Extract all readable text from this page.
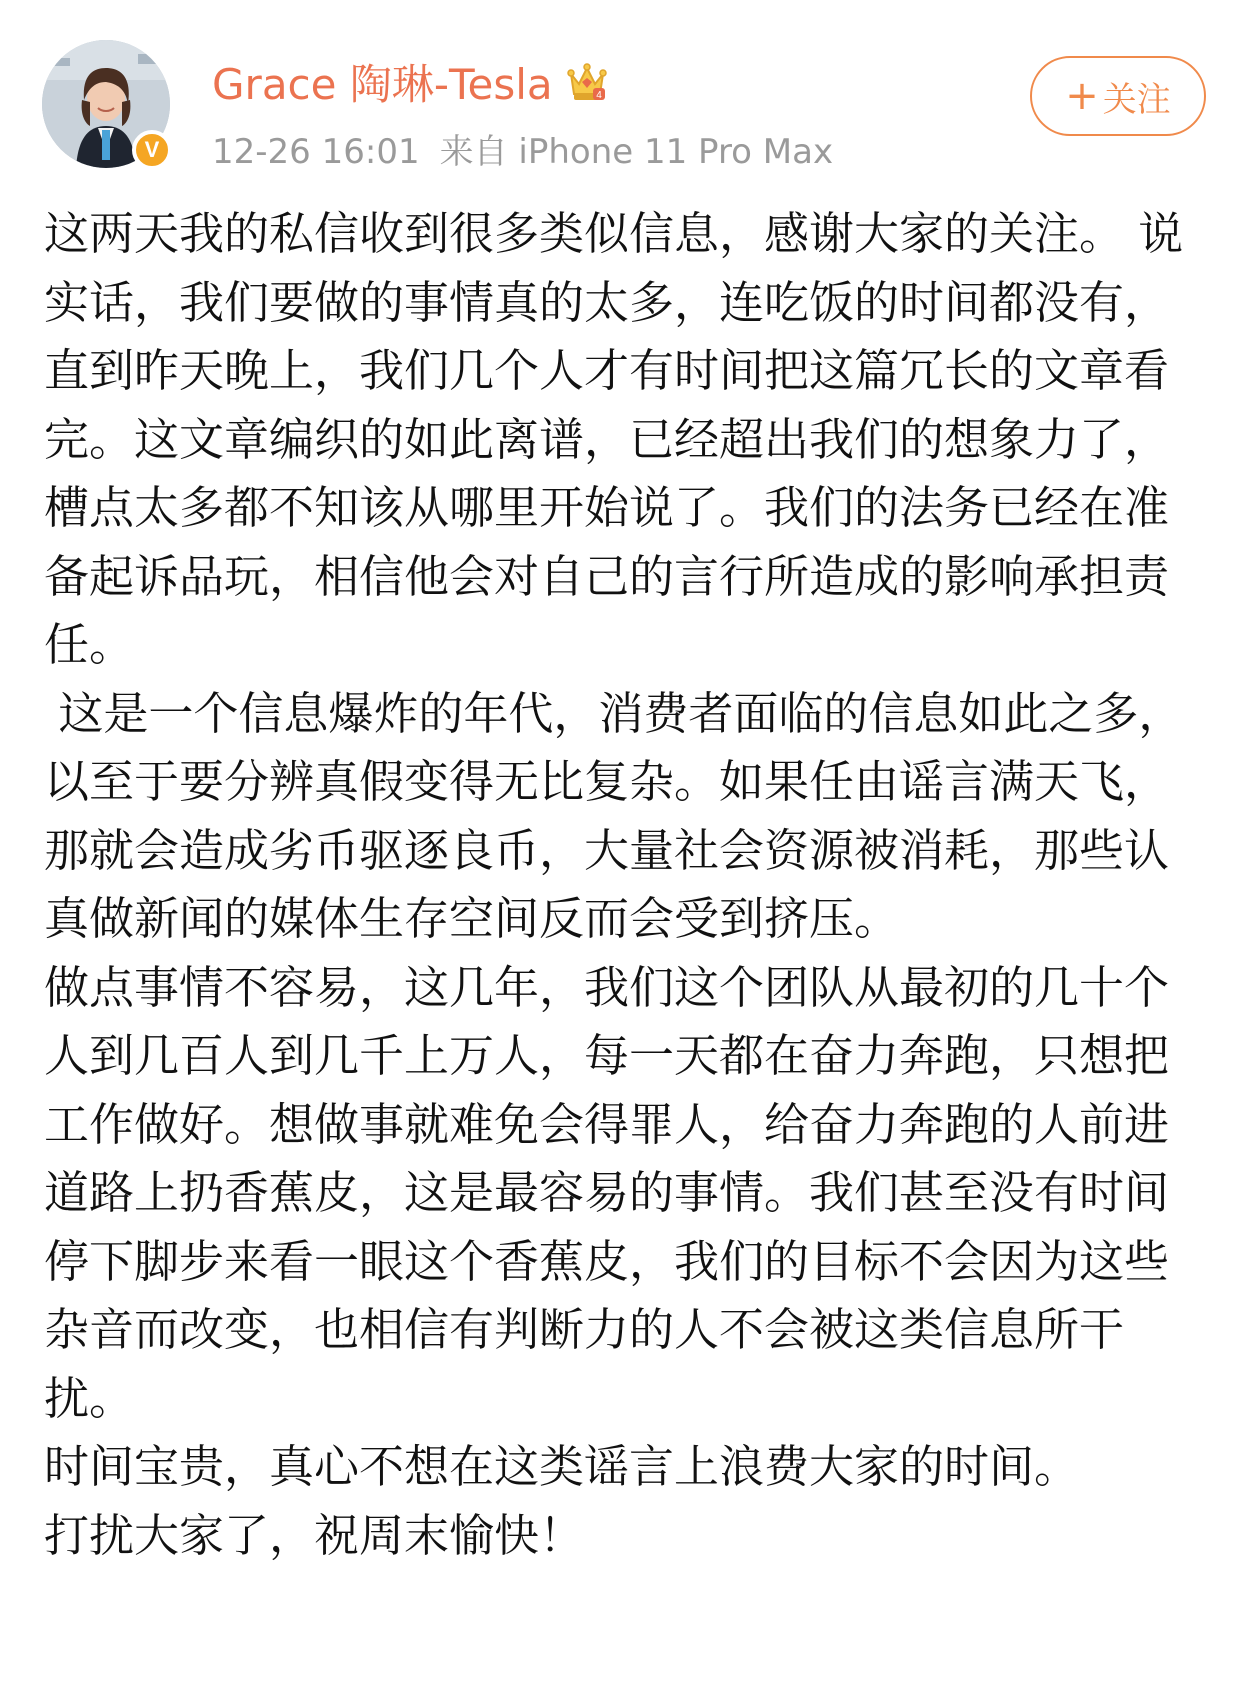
V
Grace 陶琳-Tesla	4
12-26 16:01 来自 iPhone 11 Pro Max
+ 关注

这两天我的私信收到很多类似信息，感谢大家的关注。 说实话，我们要做的事情真的太多，连吃饭的时间都没有，直到昨天晚上，我们几个人才有时间把这篇冗长的文章看完。这文章编织的如此离谱，已经超出我们的想象力了，槽点太多都不知该从哪里开始说了。我们的法务已经在准备起诉品玩，相信他会对自己的言行所造成的影响承担责任。

这是一个信息爆炸的年代，消费者面临的信息如此之多，以至于要分辨真假变得无比复杂。如果任由谣言满天飞，那就会造成劣币驱逐良币，大量社会资源被消耗，那些认真做新闻的媒体生存空间反而会受到挤压。

做点事情不容易，这几年，我们这个团队从最初的几十个人到几百人到几千上万人，每一天都在奋力奔跑，只想把工作做好。想做事就难免会得罪人，给奋力奔跑的人前进道路上扔香蕉皮，这是最容易的事情。我们甚至没有时间停下脚步来看一眼这个香蕉皮，我们的目标不会因为这些杂音而改变，也相信有判断力的人不会被这类信息所干扰。

时间宝贵，真心不想在这类谣言上浪费大家的时间。

打扰大家了，祝周末愉快！
